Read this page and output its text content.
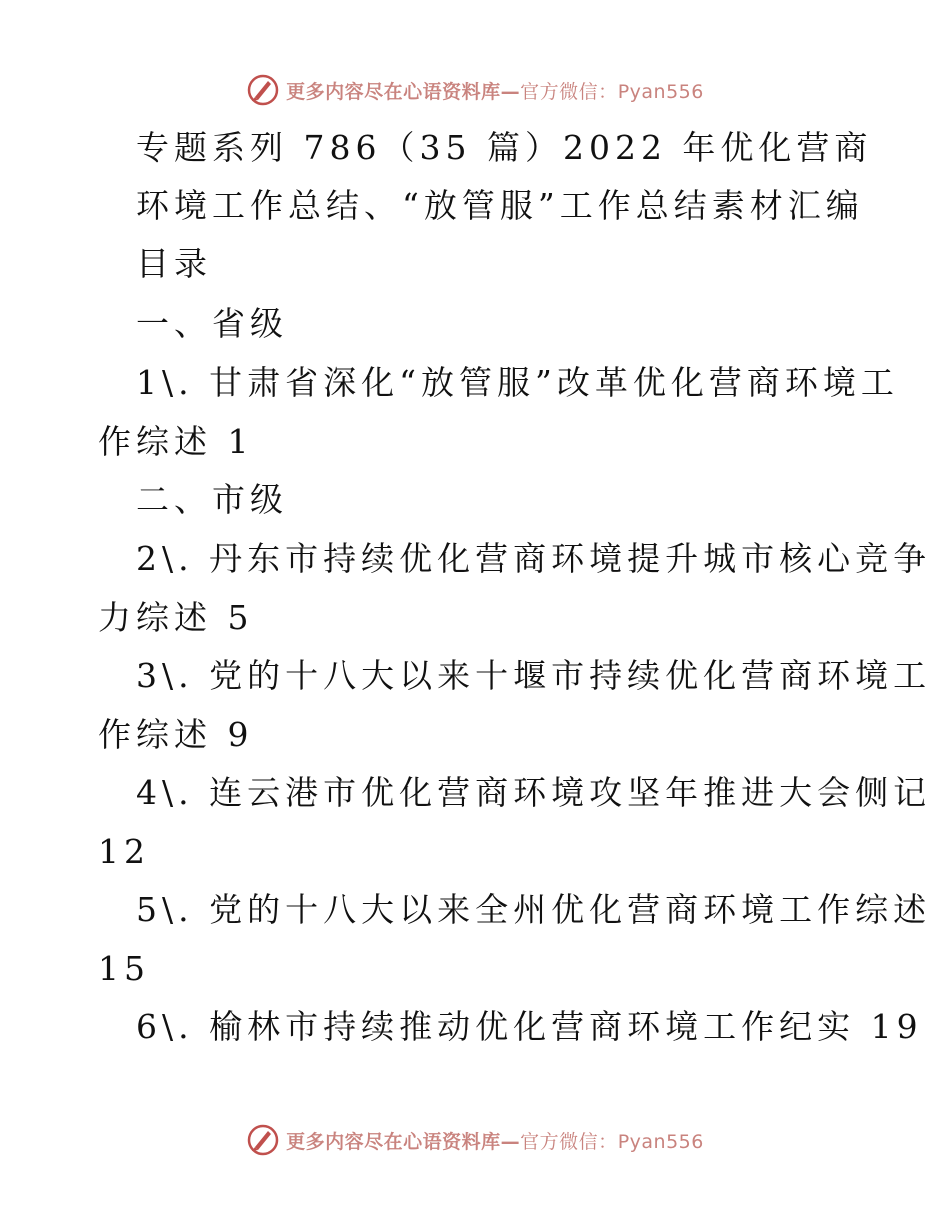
更多内容尽在心语资料库—官方微信：Pyan556
专题系列 786（35 篇）2022 年优化营商
环境工作总结、“放管服”工作总结素材汇编
目录
一、省级
1\. 甘肃省深化“放管服”改革优化营商环境工
作综述 1
二、市级
2\. 丹东市持续优化营商环境提升城市核心竞争
力综述 5
3\. 党的十八大以来十堰市持续优化营商环境工
作综述 9
4\. 连云港市优化营商环境攻坚年推进大会侧记
12
5\. 党的十八大以来全州优化营商环境工作综述
15
6\. 榆林市持续推动优化营商环境工作纪实 19
更多内容尽在心语资料库—官方微信：Pyan556
